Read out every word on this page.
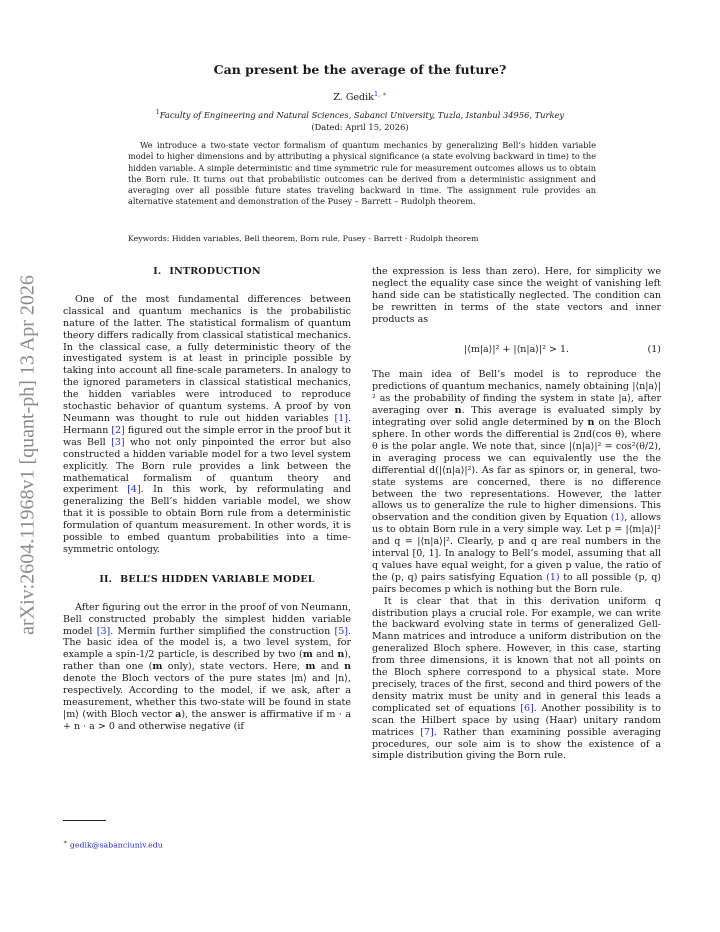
arXiv:2604.11968v1 [quant-ph] 13 Apr 2026
Can present be the average of the future?
Z. Gedik$^{1, ∗}$
$^1$Faculty of Engineering and Natural Sciences, Sabanci University, Tuzla, Istanbul 34956, Turkey
(Dated: April 15, 2026)
We introduce a two-state vector formalism of quantum mechanics by generalizing Bell’s hidden variable model to higher dimensions and by attributing a physical significance (a state evolving backward in time) to the hidden variable. A simple deterministic and time symmetric rule for measurement outcomes allows us to obtain the Born rule. It turns out that probabilistic outcomes can be derived from a deterministic assignment and averaging over all possible future states traveling backward in time. The assignment rule provides an alternative statement and demonstration of the Pusey – Barrett – Rudolph theorem.
Keywords: Hidden variables, Bell theorem, Born rule, Pusey - Barrett - Rudolph theorem
I. INTRODUCTION

One of the most fundamental differences between classical and quantum mechanics is the probabilistic nature of the latter. The statistical formalism of quantum theory differs radically from classical statistical mechanics. In the classical case, a fully deterministic theory of the investigated system is at least in principle possible by taking into account all fine-scale parameters. In analogy to the ignored parameters in classical statistical mechanics, the hidden variables were introduced to reproduce stochastic behavior of quantum systems. A proof by von Neumann was thought to rule out hidden variables [1]. Hermann [2] figured out the simple error in the proof but it was Bell [3] who not only pinpointed the error but also constructed a hidden variable model for a two level system explicitly. The Born rule provides a link between the mathematical formalism of quantum theory and experiment [4]. In this work, by reformulating and generalizing the Bell’s hidden variable model, we show that it is possible to obtain Born rule from a deterministic formulation of quantum measurement. In other words, it is possible to embed quantum probabilities into a time-symmetric ontology.

II. BELL’S HIDDEN VARIABLE MODEL

After figuring out the error in the proof of von Neumann, Bell constructed probably the simplest hidden variable model [3]. Mermin further simplified the construction [5]. The basic idea of the model is, a two level system, for example a spin-1/2 particle, is described by two (m and n), rather than one (m only), state vectors. Here, m and n denote the Bloch vectors of the pure states |m⟩ and |n⟩, respectively. According to the model, if we ask, after a measurement, whether this two-state will be found in state |m⟩ (with Bloch vector a), the answer is affirmative if m · a + n · a > 0 and otherwise negative (if

the expression is less than zero). Here, for simplicity we neglect the equality case since the weight of vanishing left hand side can be statistically neglected. The condition can be rewritten in terms of the state vectors and inner products as

|⟨m|a⟩|² + |⟨n|a⟩|² > 1.	(1)

The main idea of Bell’s model is to reproduce the predictions of quantum mechanics, namely obtaining |⟨n|a⟩|² as the probability of finding the system in state |a⟩, after averaging over n. This average is evaluated simply by integrating over solid angle determined by n on the Bloch sphere. In other words the differential is 2πd(cos θ), where θ is the polar angle. We note that, since |⟨n|a⟩|² = cos²(θ/2), in averaging process we can equivalently use the the differential d(|⟨n|a⟩|²). As far as spinors or, in general, two-state systems are concerned, there is no difference between the two representations. However, the latter allows us to generalize the rule to higher dimensions. This observation and the condition given by Equation (1), allows us to obtain Born rule in a very simple way. Let p = |⟨m|a⟩|² and q = |⟨n|a⟩|². Clearly, p and q are real numbers in the interval [0, 1]. In analogy to Bell’s model, assuming that all q values have equal weight, for a given p value, the ratio of the (p, q) pairs satisfying Equation (1) to all possible (p, q) pairs becomes p which is nothing but the Born rule.

It is clear that that in this derivation uniform q distribution plays a crucial role. For example, we can write the backward evolving state in terms of generalized Gell-Mann matrices and introduce a uniform distribution on the generalized Bloch sphere. However, in this case, starting from three dimensions, it is known that not all points on the Bloch sphere correspond to a physical state. More precisely, traces of the first, second and third powers of the density matrix must be unity and in general this leads a complicated set of equations [6]. Another possibility is to scan the Hilbert space by using (Haar) unitary random matrices [7]. Rather than examining possible averaging procedures, our sole aim is to show the existence of a simple distribution giving the Born rule.

∗ gedik@sabanciuniv.edu
